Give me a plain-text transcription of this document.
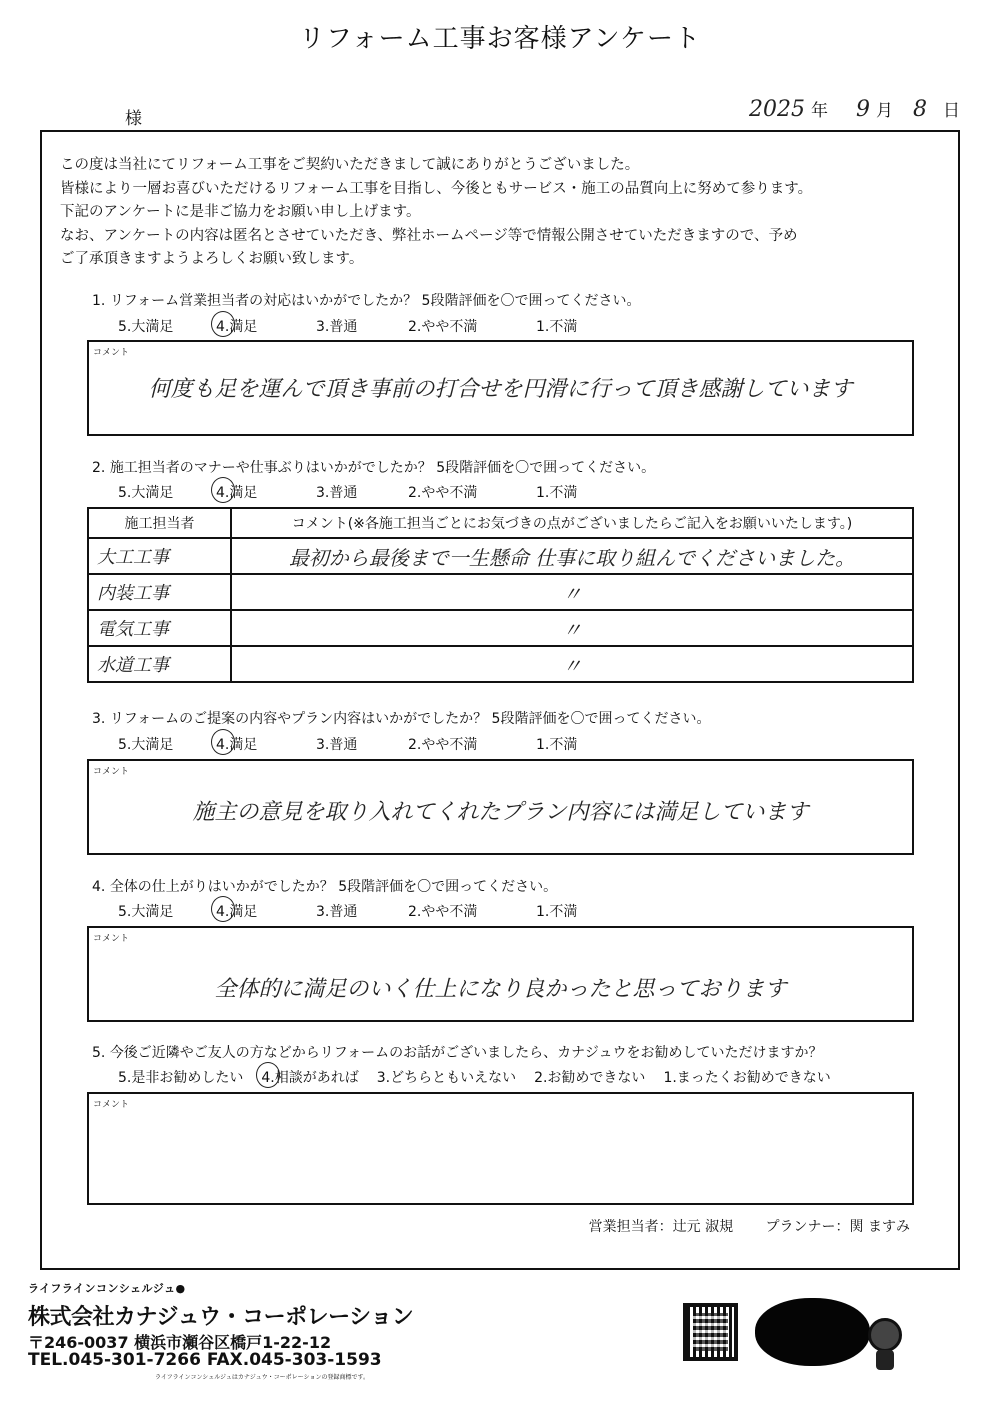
リフォーム工事お客様アンケート
様	2025 年 9 月 8 日
この度は当社にてリフォーム工事をご契約いただきまして誠にありがとうございました。
皆様により一層お喜びいただけるリフォーム工事を目指し、今後ともサービス・施工の品質向上に努めて参ります。
下記のアンケートに是非ご協力をお願い申し上げます。
なお、アンケートの内容は匿名とさせていただき、弊社ホームページ等で情報公開させていただきますので、予め
ご了承頂きますようよろしくお願い致します。
1. リフォーム営業担当者の対応はいかがでしたか？ 5段階評価を〇で囲ってください。
5.大満足	4.満足	3.普通	2.やや不満	1.不満
コメント
何度も足を運んで頂き事前の打合せを円滑に行って頂き感謝しています
2. 施工担当者のマナーや仕事ぶりはいかがでしたか？ 5段階評価を〇で囲ってください。
5.大満足	4.満足	3.普通	2.やや不満	1.不満
施工担当者	コメント(※各施工担当ごとにお気づきの点がございましたらご記入をお願いいたします。)
大工工事	最初から最後まで一生懸命 仕事に取り組んでくださいました。
内装工事	〃
電気工事	〃
水道工事	〃
3. リフォームのご提案の内容やプラン内容はいかがでしたか？ 5段階評価を〇で囲ってください。
5.大満足	4.満足	3.普通	2.やや不満	1.不満
コメント
施主の意見を取り入れてくれたプラン内容には満足しています
4. 全体の仕上がりはいかがでしたか？ 5段階評価を〇で囲ってください。
5.大満足	4.満足	3.普通	2.やや不満	1.不満
コメント
全体的に満足のいく仕上になり良かったと思っております
5. 今後ご近隣やご友人の方などからリフォームのお話がございましたら、カナジュウをお勧めしていただけますか？
5.是非お勧めしたい 4.相談があれば 3.どちらともいえない 2.お勧めできない 1.まったくお勧めできない
コメント
営業担当者：辻元 淑規 プランナー：関 ますみ
ライフラインコンシェルジュ●
株式会社カナジュウ・コーポレーション
〒246-0037 横浜市瀬谷区橋戸1-22-12
TEL.045-301-7266 FAX.045-303-1593
ライフラインコンシェルジュはカナジュウ・コーポレーションの登録商標です。
